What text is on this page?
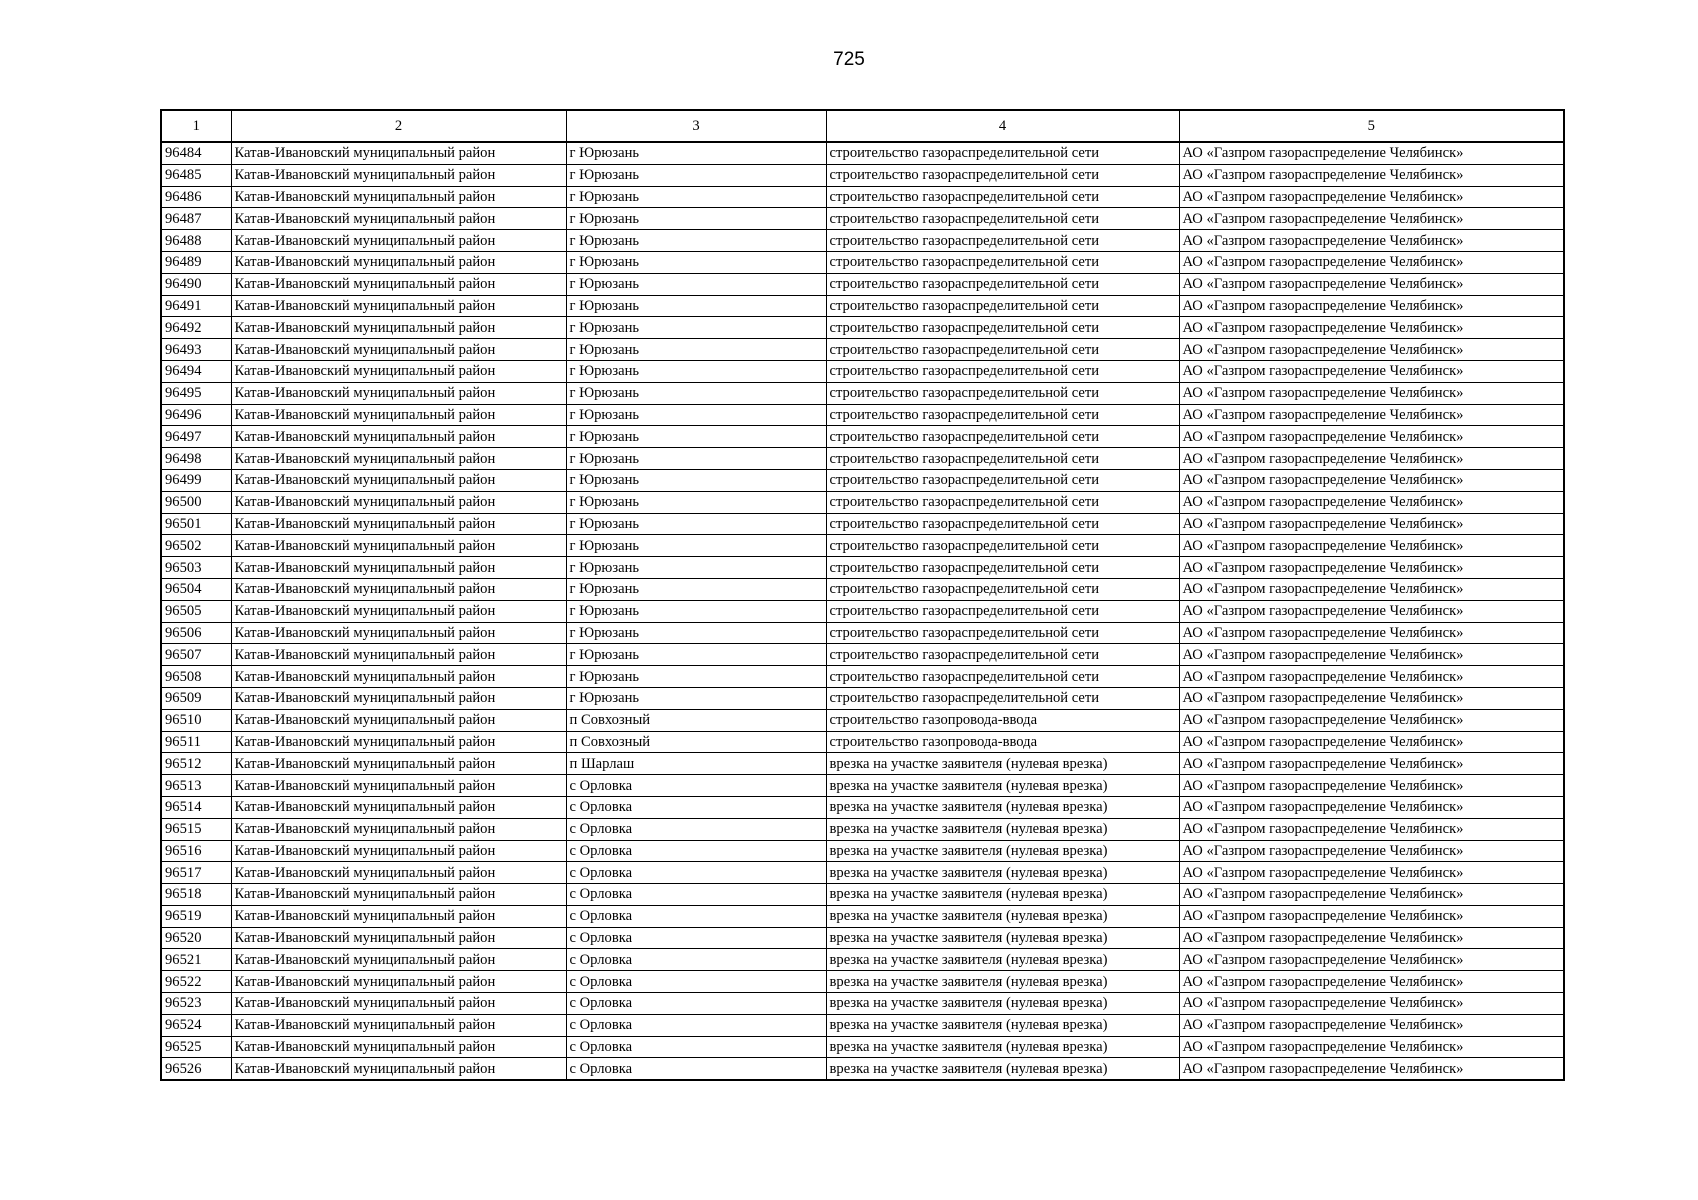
725
1	2	3	4	5
96484	Катав-Ивановский муниципальный район	г Юрюзань	строительство газораспределительной сети	АО «Газпром газораспределение Челябинск»
96485	Катав-Ивановский муниципальный район	г Юрюзань	строительство газораспределительной сети	АО «Газпром газораспределение Челябинск»
96486	Катав-Ивановский муниципальный район	г Юрюзань	строительство газораспределительной сети	АО «Газпром газораспределение Челябинск»
96487	Катав-Ивановский муниципальный район	г Юрюзань	строительство газораспределительной сети	АО «Газпром газораспределение Челябинск»
96488	Катав-Ивановский муниципальный район	г Юрюзань	строительство газораспределительной сети	АО «Газпром газораспределение Челябинск»
96489	Катав-Ивановский муниципальный район	г Юрюзань	строительство газораспределительной сети	АО «Газпром газораспределение Челябинск»
96490	Катав-Ивановский муниципальный район	г Юрюзань	строительство газораспределительной сети	АО «Газпром газораспределение Челябинск»
96491	Катав-Ивановский муниципальный район	г Юрюзань	строительство газораспределительной сети	АО «Газпром газораспределение Челябинск»
96492	Катав-Ивановский муниципальный район	г Юрюзань	строительство газораспределительной сети	АО «Газпром газораспределение Челябинск»
96493	Катав-Ивановский муниципальный район	г Юрюзань	строительство газораспределительной сети	АО «Газпром газораспределение Челябинск»
96494	Катав-Ивановский муниципальный район	г Юрюзань	строительство газораспределительной сети	АО «Газпром газораспределение Челябинск»
96495	Катав-Ивановский муниципальный район	г Юрюзань	строительство газораспределительной сети	АО «Газпром газораспределение Челябинск»
96496	Катав-Ивановский муниципальный район	г Юрюзань	строительство газораспределительной сети	АО «Газпром газораспределение Челябинск»
96497	Катав-Ивановский муниципальный район	г Юрюзань	строительство газораспределительной сети	АО «Газпром газораспределение Челябинск»
96498	Катав-Ивановский муниципальный район	г Юрюзань	строительство газораспределительной сети	АО «Газпром газораспределение Челябинск»
96499	Катав-Ивановский муниципальный район	г Юрюзань	строительство газораспределительной сети	АО «Газпром газораспределение Челябинск»
96500	Катав-Ивановский муниципальный район	г Юрюзань	строительство газораспределительной сети	АО «Газпром газораспределение Челябинск»
96501	Катав-Ивановский муниципальный район	г Юрюзань	строительство газораспределительной сети	АО «Газпром газораспределение Челябинск»
96502	Катав-Ивановский муниципальный район	г Юрюзань	строительство газораспределительной сети	АО «Газпром газораспределение Челябинск»
96503	Катав-Ивановский муниципальный район	г Юрюзань	строительство газораспределительной сети	АО «Газпром газораспределение Челябинск»
96504	Катав-Ивановский муниципальный район	г Юрюзань	строительство газораспределительной сети	АО «Газпром газораспределение Челябинск»
96505	Катав-Ивановский муниципальный район	г Юрюзань	строительство газораспределительной сети	АО «Газпром газораспределение Челябинск»
96506	Катав-Ивановский муниципальный район	г Юрюзань	строительство газораспределительной сети	АО «Газпром газораспределение Челябинск»
96507	Катав-Ивановский муниципальный район	г Юрюзань	строительство газораспределительной сети	АО «Газпром газораспределение Челябинск»
96508	Катав-Ивановский муниципальный район	г Юрюзань	строительство газораспределительной сети	АО «Газпром газораспределение Челябинск»
96509	Катав-Ивановский муниципальный район	г Юрюзань	строительство газораспределительной сети	АО «Газпром газораспределение Челябинск»
96510	Катав-Ивановский муниципальный район	п Совхозный	строительство газопровода-ввода	АО «Газпром газораспределение Челябинск»
96511	Катав-Ивановский муниципальный район	п Совхозный	строительство газопровода-ввода	АО «Газпром газораспределение Челябинск»
96512	Катав-Ивановский муниципальный район	п Шарлаш	врезка на участке заявителя (нулевая врезка)	АО «Газпром газораспределение Челябинск»
96513	Катав-Ивановский муниципальный район	с Орловка	врезка на участке заявителя (нулевая врезка)	АО «Газпром газораспределение Челябинск»
96514	Катав-Ивановский муниципальный район	с Орловка	врезка на участке заявителя (нулевая врезка)	АО «Газпром газораспределение Челябинск»
96515	Катав-Ивановский муниципальный район	с Орловка	врезка на участке заявителя (нулевая врезка)	АО «Газпром газораспределение Челябинск»
96516	Катав-Ивановский муниципальный район	с Орловка	врезка на участке заявителя (нулевая врезка)	АО «Газпром газораспределение Челябинск»
96517	Катав-Ивановский муниципальный район	с Орловка	врезка на участке заявителя (нулевая врезка)	АО «Газпром газораспределение Челябинск»
96518	Катав-Ивановский муниципальный район	с Орловка	врезка на участке заявителя (нулевая врезка)	АО «Газпром газораспределение Челябинск»
96519	Катав-Ивановский муниципальный район	с Орловка	врезка на участке заявителя (нулевая врезка)	АО «Газпром газораспределение Челябинск»
96520	Катав-Ивановский муниципальный район	с Орловка	врезка на участке заявителя (нулевая врезка)	АО «Газпром газораспределение Челябинск»
96521	Катав-Ивановский муниципальный район	с Орловка	врезка на участке заявителя (нулевая врезка)	АО «Газпром газораспределение Челябинск»
96522	Катав-Ивановский муниципальный район	с Орловка	врезка на участке заявителя (нулевая врезка)	АО «Газпром газораспределение Челябинск»
96523	Катав-Ивановский муниципальный район	с Орловка	врезка на участке заявителя (нулевая врезка)	АО «Газпром газораспределение Челябинск»
96524	Катав-Ивановский муниципальный район	с Орловка	врезка на участке заявителя (нулевая врезка)	АО «Газпром газораспределение Челябинск»
96525	Катав-Ивановский муниципальный район	с Орловка	врезка на участке заявителя (нулевая врезка)	АО «Газпром газораспределение Челябинск»
96526	Катав-Ивановский муниципальный район	с Орловка	врезка на участке заявителя (нулевая врезка)	АО «Газпром газораспределение Челябинск»
